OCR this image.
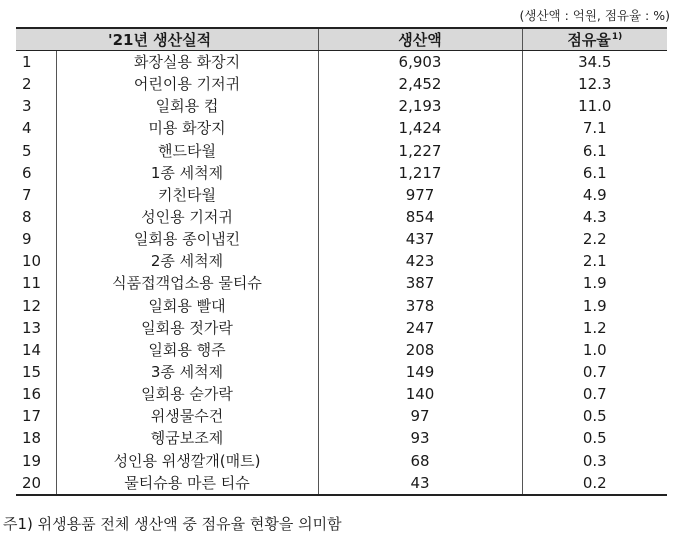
(생산액 : 억원, 점유율 : %)
'21년 생산실적		생산액	점유율$^{1)}$
1	화장실용 화장지	6,903	34.5
2	어린이용 기저귀	2,452	12.3
3	일회용 컵	2,193	11.0
4	미용 화장지	1,424	7.1
5	핸드타월	1,227	6.1
6	1종 세척제	1,217	6.1
7	키친타월	977	4.9
8	성인용 기저귀	854	4.3
9	일회용 종이냅킨	437	2.2
10	2종 세척제	423	2.1
11	식품접객업소용 물티슈	387	1.9
12	일회용 빨대	378	1.9
13	일회용 젓가락	247	1.2
14	일회용 행주	208	1.0
15	3종 세척제	149	0.7
16	일회용 숟가락	140	0.7
17	위생물수건	97	0.5
18	헹굼보조제	93	0.5
19	성인용 위생깔개(매트)	68	0.3
20	물티슈용 마른 티슈	43	0.2
주1) 위생용품 전체 생산액 중 점유율 현황을 의미함
